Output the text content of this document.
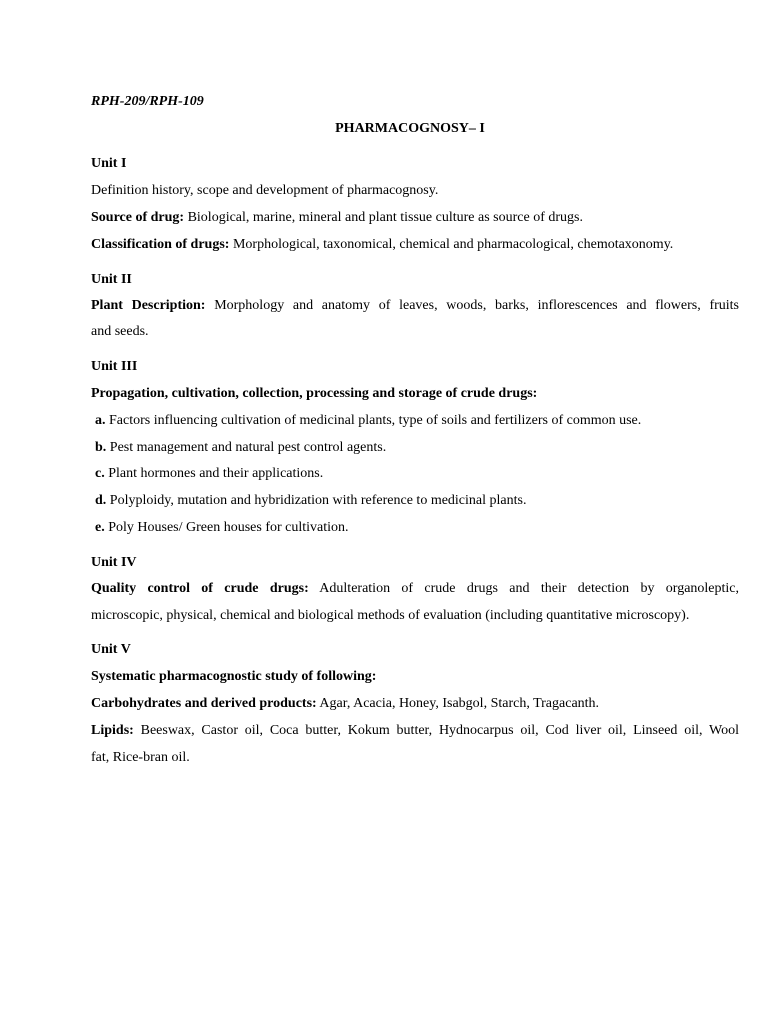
RPH-209/RPH-109
PHARMACOGNOSY– I
Unit I
Definition history, scope and development of pharmacognosy.
Source of drug: Biological, marine, mineral and plant tissue culture as source of drugs.
Classification of drugs: Morphological, taxonomical, chemical and pharmacological, chemotaxonomy.
Unit II
Plant Description: Morphology and anatomy of leaves, woods, barks, inflorescences and flowers, fruits
and seeds.
Unit III
Propagation, cultivation, collection, processing and storage of crude drugs:
a. Factors influencing cultivation of medicinal plants, type of soils and fertilizers of common use.
b. Pest management and natural pest control agents.
c. Plant hormones and their applications.
d. Polyploidy, mutation and hybridization with reference to medicinal plants.
e. Poly Houses/ Green houses for cultivation.
Unit IV
Quality control of crude drugs: Adulteration of crude drugs and their detection by organoleptic,
microscopic, physical, chemical and biological methods of evaluation (including quantitative microscopy).
Unit V
Systematic pharmacognostic study of following:
Carbohydrates and derived products: Agar, Acacia, Honey, Isabgol, Starch, Tragacanth.
Lipids: Beeswax, Castor oil, Coca butter, Kokum butter, Hydnocarpus oil, Cod liver oil, Linseed oil, Wool
fat, Rice-bran oil.
